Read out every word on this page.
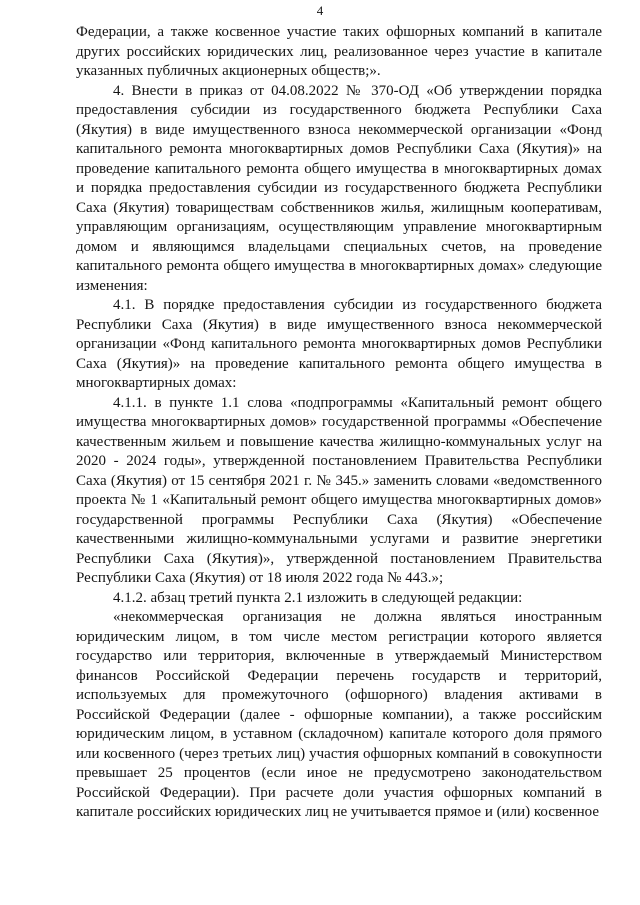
4

Федерации, а также косвенное участие таких офшорных компаний в капитале других российских юридических лиц, реализованное через участие в капитале указанных публичных акционерных обществ;».

4. Внести в приказ от 04.08.2022 № 370-ОД «Об утверждении порядка предоставления субсидии из государственного бюджета Республики Саха (Якутия) в виде имущественного взноса некоммерческой организации «Фонд капитального ремонта многоквартирных домов Республики Саха (Якутия)» на проведение капитального ремонта общего имущества в многоквартирных домах и порядка предоставления субсидии из государственного бюджета Республики Саха (Якутия) товариществам собственников жилья, жилищным кооперативам, управляющим организациям, осуществляющим управление многоквартирным домом и являющимся владельцами специальных счетов, на проведение капитального ремонта общего имущества в многоквартирных домах» следующие изменения:

4.1. В порядке предоставления субсидии из государственного бюджета Республики Саха (Якутия) в виде имущественного взноса некоммерческой организации «Фонд капитального ремонта многоквартирных домов Республики Саха (Якутия)» на проведение капитального ремонта общего имущества в многоквартирных домах:

4.1.1. в пункте 1.1 слова «подпрограммы «Капитальный ремонт общего имущества многоквартирных домов» государственной программы «Обеспечение качественным жильем и повышение качества жилищно-коммунальных услуг на 2020 - 2024 годы», утвержденной постановлением Правительства Республики Саха (Якутия) от 15 сентября 2021 г. № 345.» заменить словами «ведомственного проекта № 1 «Капитальный ремонт общего имущества многоквартирных домов» государственной программы Республики Саха (Якутия) «Обеспечение качественными жилищно-коммунальными услугами и развитие энергетики Республики Саха (Якутия)», утвержденной постановлением Правительства Республики Саха (Якутия) от 18 июля 2022 года № 443.»;

4.1.2. абзац третий пункта 2.1 изложить в следующей редакции:

«некоммерческая организация не должна являться иностранным юридическим лицом, в том числе местом регистрации которого является государство или территория, включенные в утверждаемый Министерством финансов Российской Федерации перечень государств и территорий, используемых для промежуточного (офшорного) владения активами в Российской Федерации (далее - офшорные компании), а также российским юридическим лицом, в уставном (складочном) капитале которого доля прямого или косвенного (через третьих лиц) участия офшорных компаний в совокупности превышает 25 процентов (если иное не предусмотрено законодательством Российской Федерации). При расчете доли участия офшорных компаний в капитале российских юридических лиц не учитывается прямое и (или) косвенное
